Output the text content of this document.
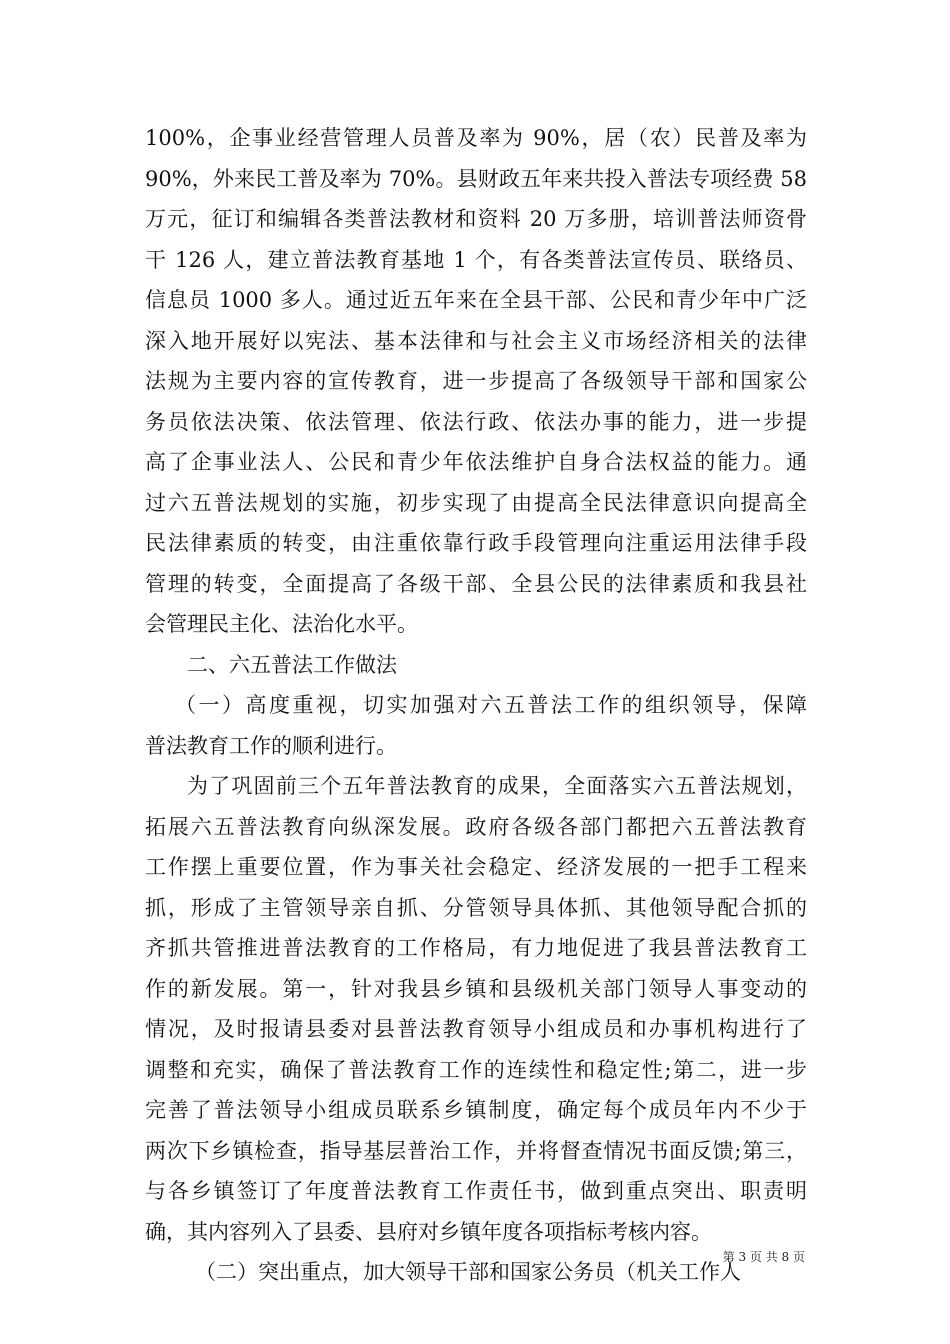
100%，企事业经营管理人员普及率为 90%，居（农）民普及率为
90%，外来民工普及率为 70%。县财政五年来共投入普法专项经费 58
万元，征订和编辑各类普法教材和资料 20 万多册，培训普法师资骨
干 126 人，建立普法教育基地 1 个，有各类普法宣传员、联络员、
信息员 1000 多人。通过近五年来在全县干部、公民和青少年中广泛
深入地开展好以宪法、基本法律和与社会主义市场经济相关的法律
法规为主要内容的宣传教育，进一步提高了各级领导干部和国家公
务员依法决策、依法管理、依法行政、依法办事的能力，进一步提
高了企事业法人、公民和青少年依法维护自身合法权益的能力。通
过六五普法规划的实施，初步实现了由提高全民法律意识向提高全
民法律素质的转变，由注重依靠行政手段管理向注重运用法律手段
管理的转变，全面提高了各级干部、全县公民的法律素质和我县社
会管理民主化、法治化水平。
二、六五普法工作做法
（一）高度重视，切实加强对六五普法工作的组织领导，保障
普法教育工作的顺利进行。
为了巩固前三个五年普法教育的成果，全面落实六五普法规划，
拓展六五普法教育向纵深发展。政府各级各部门都把六五普法教育
工作摆上重要位置，作为事关社会稳定、经济发展的一把手工程来
抓，形成了主管领导亲自抓、分管领导具体抓、其他领导配合抓的
齐抓共管推进普法教育的工作格局，有力地促进了我县普法教育工
作的新发展。第一，针对我县乡镇和县级机关部门领导人事变动的
情况，及时报请县委对县普法教育领导小组成员和办事机构进行了
调整和充实，确保了普法教育工作的连续性和稳定性;第二，进一步
完善了普法领导小组成员联系乡镇制度，确定每个成员年内不少于
两次下乡镇检查，指导基层普治工作，并将督查情况书面反馈;第三，
与各乡镇签订了年度普法教育工作责任书，做到重点突出、职责明
确，其内容列入了县委、县府对乡镇年度各项指标考核内容。
（二）突出重点，加大领导干部和国家公务员（机关工作人
第 3 页 共 8 页
